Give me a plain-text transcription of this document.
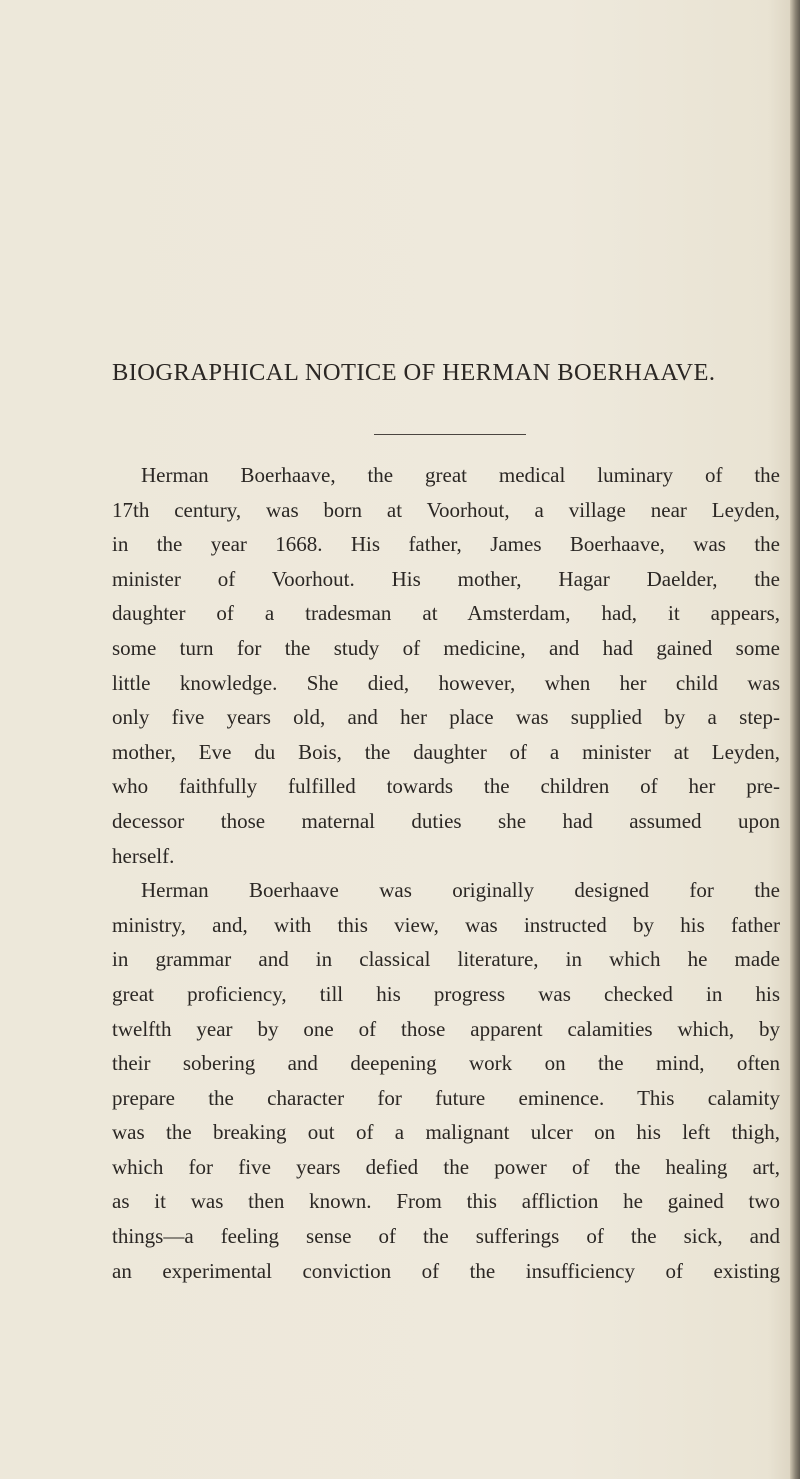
BIOGRAPHICAL NOTICE OF HERMAN BOERHAAVE.
Herman Boerhaave, the great medical luminary of the
17th century, was born at Voorhout, a village near Leyden,
in the year 1668. His father, James Boerhaave, was the
minister of Voorhout. His mother, Hagar Daelder, the
daughter of a tradesman at Amsterdam, had, it appears,
some turn for the study of medicine, and had gained some
little knowledge. She died, however, when her child was
only five years old, and her place was supplied by a step-
mother, Eve du Bois, the daughter of a minister at Leyden,
who faithfully fulfilled towards the children of her pre-
decessor those maternal duties she had assumed upon
herself.
Herman Boerhaave was originally designed for the
ministry, and, with this view, was instructed by his father
in grammar and in classical literature, in which he made
great proficiency, till his progress was checked in his
twelfth year by one of those apparent calamities which, by
their sobering and deepening work on the mind, often
prepare the character for future eminence. This calamity
was the breaking out of a malignant ulcer on his left thigh,
which for five years defied the power of the healing art,
as it was then known. From this affliction he gained two
things—a feeling sense of the sufferings of the sick, and
an experimental conviction of the insufficiency of existing
